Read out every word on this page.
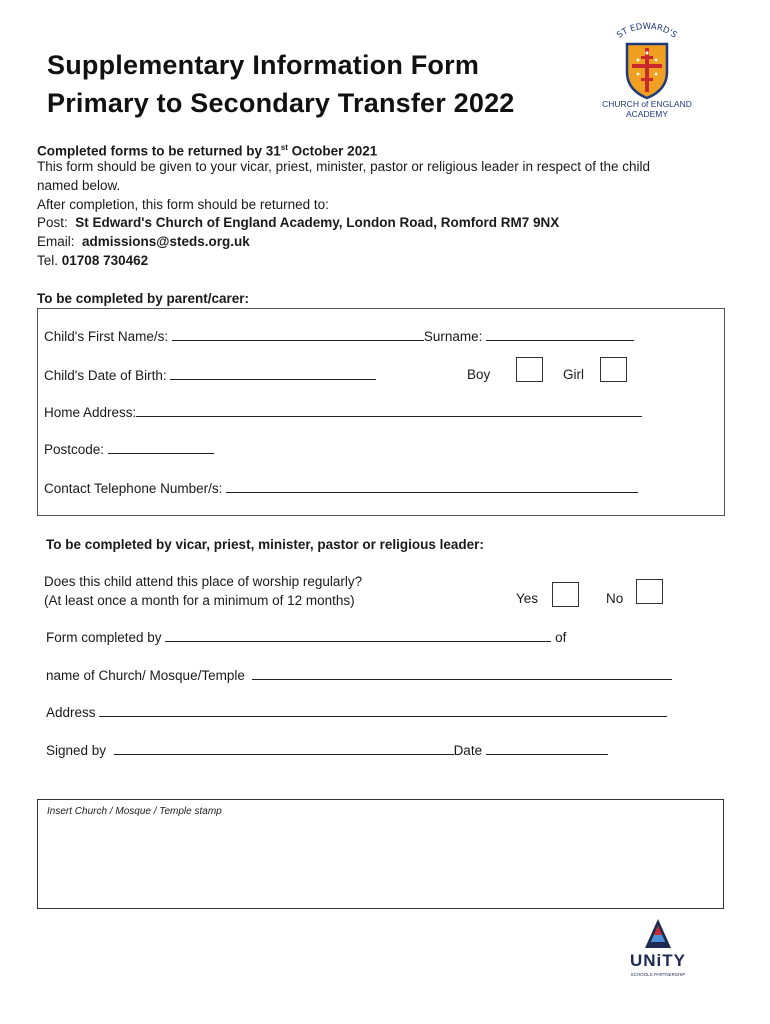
Supplementary Information Form
Primary to Secondary Transfer 2022
ST EDWARD'S
CHURCH of ENGLAND
ACADEMY
Completed forms to be returned by 31st October 2021
This form should be given to your vicar, priest, minister, pastor or religious leader in respect of the child
named below.
After completion, this form should be returned to:
Post: St Edward's Church of England Academy, London Road, Romford RM7 9NX
Email: admissions@steds.org.uk
Tel. 01708 730462
To be completed by parent/carer:
Child's First Name/s:	Surname:
Child's Date of Birth:	Boy	Girl
Home Address:
Postcode:
Contact Telephone Number/s:
To be completed by vicar, priest, minister, pastor or religious leader:
Does this child attend this place of worship regularly?
(At least once a month for a minimum of 12 months)	Yes	No
Form completed by	of
name of Church/ Mosque/Temple
Address
Signed by	Date
Insert Church / Mosque / Temple stamp
UNiTY
SCHOOLS PARTNERSHIP
